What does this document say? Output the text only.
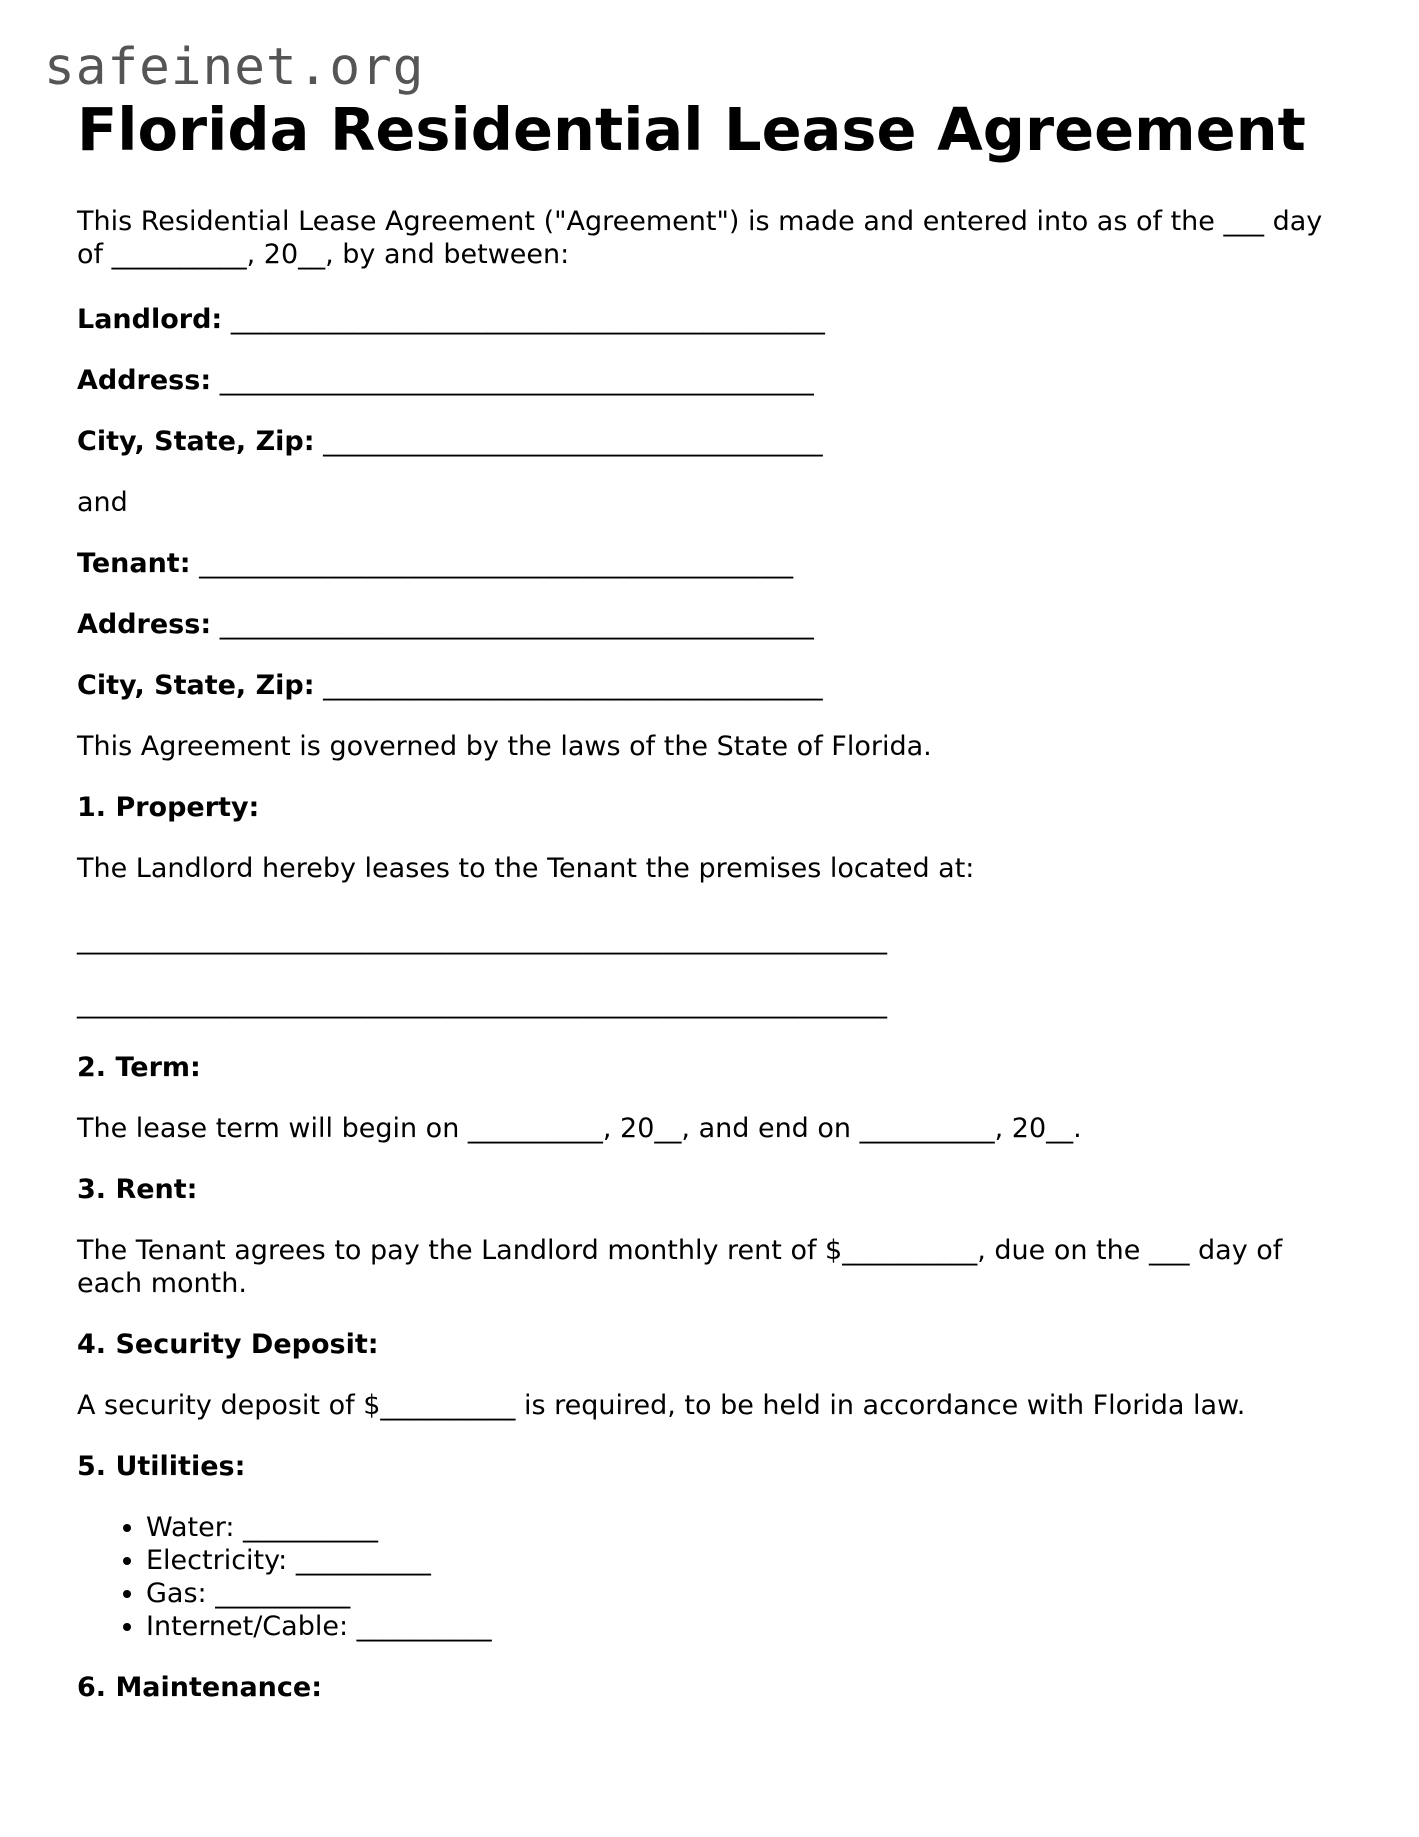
safeinet.org
Florida Residential Lease Agreement

This Residential Lease Agreement ("Agreement") is made and entered into as of the ___ day of __________, 20__, by and between:

Landlord: ____________________________________________

Address: ____________________________________________

City, State, Zip: _____________________________________

and

Tenant: ____________________________________________

Address: ____________________________________________

City, State, Zip: _____________________________________

This Agreement is governed by the laws of the State of Florida.

1. Property:

The Landlord hereby leases to the Tenant the premises located at:

____________________________________________________________

____________________________________________________________

2. Term:

The lease term will begin on __________, 20__, and end on __________, 20__.

3. Rent:

The Tenant agrees to pay the Landlord monthly rent of $__________, due on the ___ day of each month.

4. Security Deposit:

A security deposit of $__________ is required, to be held in accordance with Florida law.

5. Utilities:
• Water: __________
• Electricity: __________
• Gas: __________
• Internet/Cable: __________
6. Maintenance:
